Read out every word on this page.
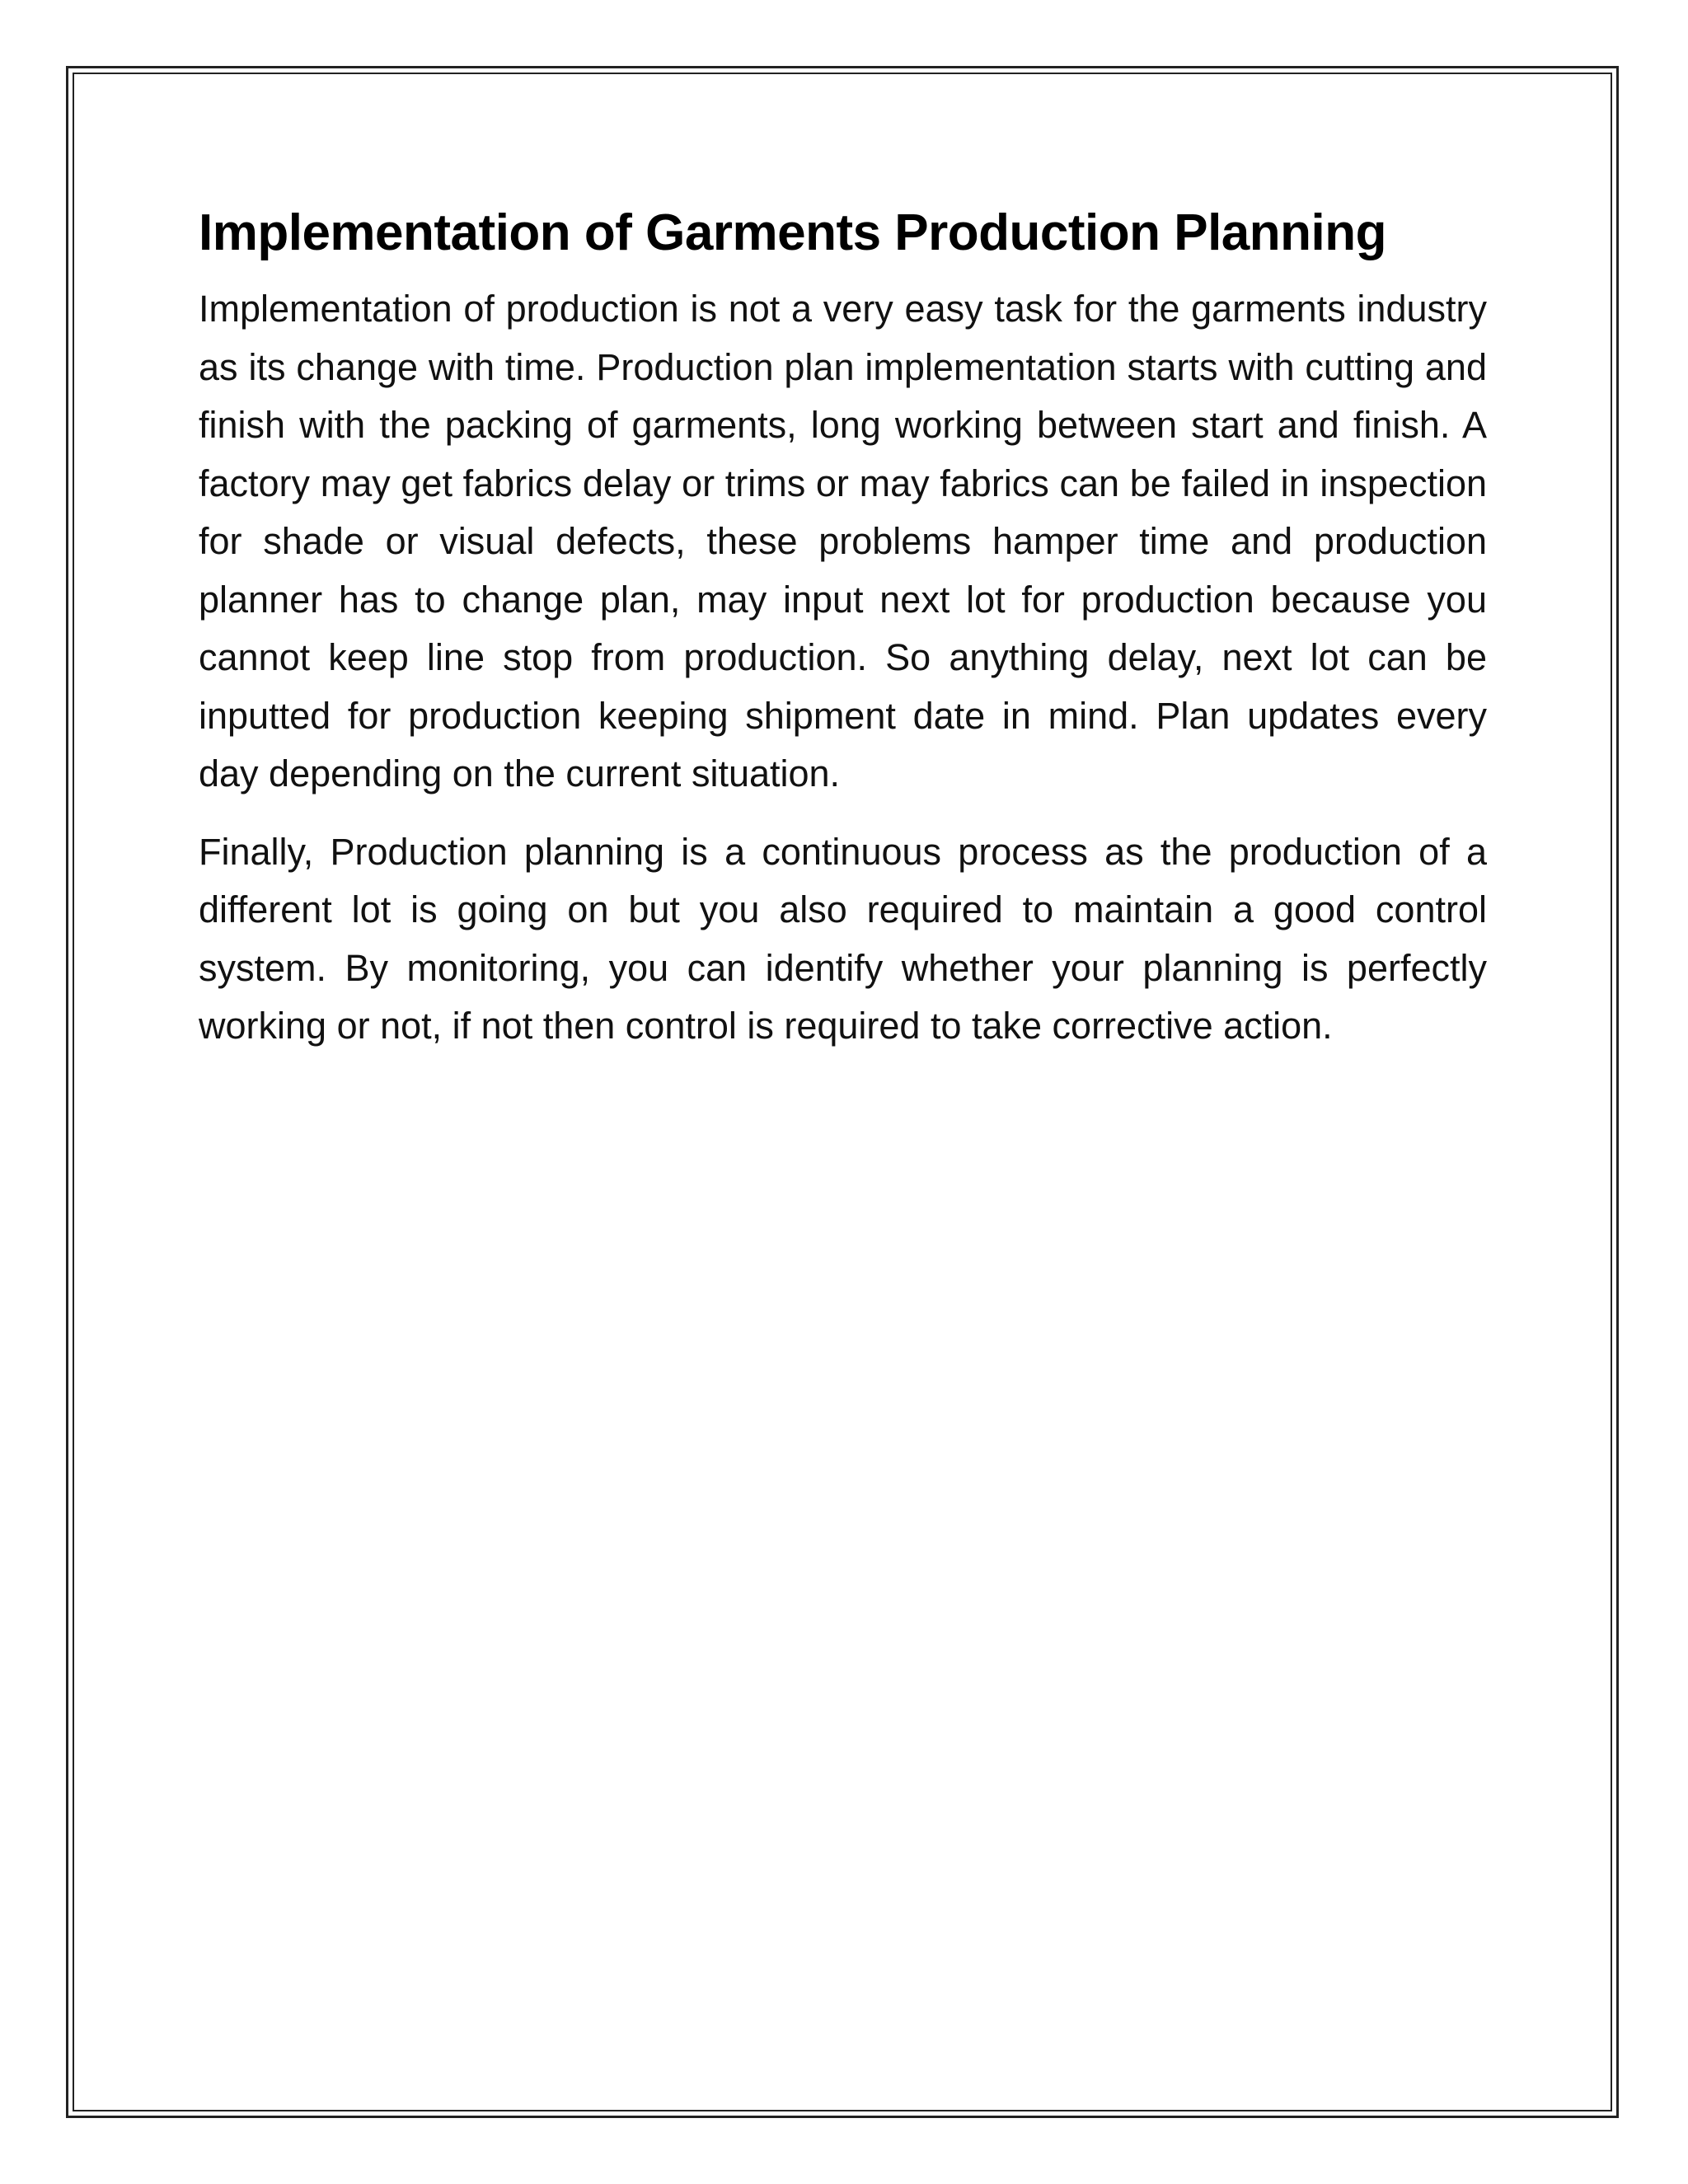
Implementation of Garments Production Planning

Implementation of production is not a very easy task for the garments industry as its change with time. Production plan implementation starts with cutting and finish with the packing of garments, long working between start and finish. A factory may get fabrics delay or trims or may fabrics can be failed in inspection for shade or visual defects, these problems hamper time and production planner has to change plan, may input next lot for production because you cannot keep line stop from production. So anything delay, next lot can be inputted for production keeping shipment date in mind. Plan updates every day depending on the current situation.

Finally, Production planning is a continuous process as the production of a different lot is going on but you also required to maintain a good control system. By monitoring, you can identify whether your planning is perfectly working or not, if not then control is required to take corrective action.
